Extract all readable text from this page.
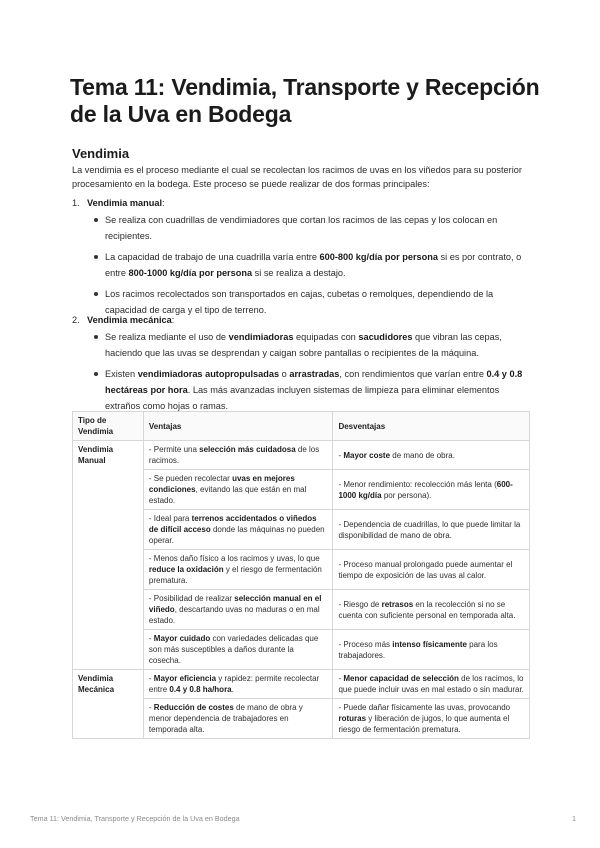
Tema 11: Vendimia, Transporte y Recepción de la Uva en Bodega
Vendimia

La vendimia es el proceso mediante el cual se recolectan los racimos de uvas en los viñedos para su posterior procesamiento en la bodega. Este proceso se puede realizar de dos formas principales:

1. Vendimia manual:
Se realiza con cuadrillas de vendimiadores que cortan los racimos de las cepas y los colocan en recipientes.
La capacidad de trabajo de una cuadrilla varía entre 600-800 kg/día por persona si es por contrato, o entre 800-1000 kg/día por persona si se realiza a destajo.
Los racimos recolectados son transportados en cajas, cubetas o remolques, dependiendo de la capacidad de carga y el tipo de terreno.
2. Vendimia mecánica:
Se realiza mediante el uso de vendimiadoras equipadas con sacudidores que vibran las cepas, haciendo que las uvas se desprendan y caigan sobre pantallas o recipientes de la máquina.
Existen vendimiadoras autopropulsadas o arrastradas, con rendimientos que varían entre 0.4 y 0.8 hectáreas por hora. Las más avanzadas incluyen sistemas de limpieza para eliminar elementos extraños como hojas o ramas.
Tipo de Vendimia	Ventajas	Desventajas
Vendimia Manual	- Permite una selección más cuidadosa de los racimos.	- Mayor coste de mano de obra.
	- Se pueden recolectar uvas en mejores condiciones, evitando las que están en mal estado.	- Menor rendimiento: recolección más lenta (600-1000 kg/día por persona).
	- Ideal para terrenos accidentados o viñedos de difícil acceso donde las máquinas no pueden operar.	- Dependencia de cuadrillas, lo que puede limitar la disponibilidad de mano de obra.
	- Menos daño físico a los racimos y uvas, lo que reduce la oxidación y el riesgo de fermentación prematura.	- Proceso manual prolongado puede aumentar el tiempo de exposición de las uvas al calor.
	- Posibilidad de realizar selección manual en el viñedo, descartando uvas no maduras o en mal estado.	- Riesgo de retrasos en la recolección si no se cuenta con suficiente personal en temporada alta.
	- Mayor cuidado con variedades delicadas que son más susceptibles a daños durante la cosecha.	- Proceso más intenso físicamente para los trabajadores.
Vendimia Mecánica	- Mayor eficiencia y rapidez: permite recolectar entre 0.4 y 0.8 ha/hora.	- Menor capacidad de selección de los racimos, lo que puede incluir uvas en mal estado o sin madurar.
	- Reducción de costes de mano de obra y menor dependencia de trabajadores en temporada alta.	- Puede dañar físicamente las uvas, provocando roturas y liberación de jugos, lo que aumenta el riesgo de fermentación prematura.
Tema 11: Vendimia, Transporte y Recepción de la Uva en Bodega	1
